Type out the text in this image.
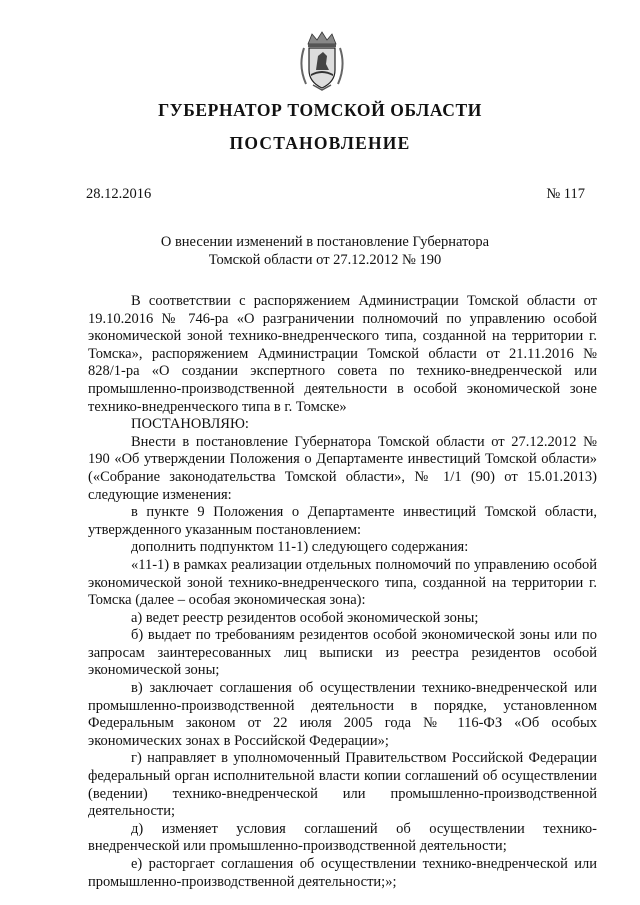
ГУБЕРНАТОР ТОМСКОЙ ОБЛАСТИ
ПОСТАНОВЛЕНИЕ
28.12.2016	№ 117
О внесении изменений в постановление Губернатора
Томской области от 27.12.2012 № 190

В соответствии с распоряжением Администрации Томской области от 19.10.2016 № 746-ра «О разграничении полномочий по управлению особой экономической зоной технико-внедренческого типа, созданной на территории г. Томска», распоряжением Администрации Томской области от 21.11.2016 № 828/1-ра «О создании экспертного совета по технико-внедренческой или промышленно-производственной деятельности в особой экономической зоне технико-внедренческого типа в г. Томске»

ПОСТАНОВЛЯЮ:

Внести в постановление Губернатора Томской области от 27.12.2012 № 190 «Об утверждении Положения о Департаменте инвестиций Томской области» («Собрание законодательства Томской области», № 1/1 (90) от 15.01.2013) следующие изменения:

в пункте 9 Положения о Департаменте инвестиций Томской области, утвержденного указанным постановлением:

дополнить подпунктом 11-1) следующего содержания:

«11-1) в рамках реализации отдельных полномочий по управлению особой экономической зоной технико-внедренческого типа, созданной на территории г. Томска (далее – особая экономическая зона):

а) ведет реестр резидентов особой экономической зоны;

б) выдает по требованиям резидентов особой экономической зоны или по запросам заинтересованных лиц выписки из реестра резидентов особой экономической зоны;

в) заключает соглашения об осуществлении технико-внедренческой или промышленно-производственной деятельности в порядке, установленном Федеральным законом от 22 июля 2005 года № 116-ФЗ «Об особых экономических зонах в Российской Федерации»;

г) направляет в уполномоченный Правительством Российской Федерации федеральный орган исполнительной власти копии соглашений об осуществлении (ведении) технико-внедренческой или промышленно-производственной деятельности;

д) изменяет условия соглашений об осуществлении технико-внедренческой или промышленно-производственной деятельности;

е) расторгает соглашения об осуществлении технико-внедренческой или промышленно-производственной деятельности;»;
